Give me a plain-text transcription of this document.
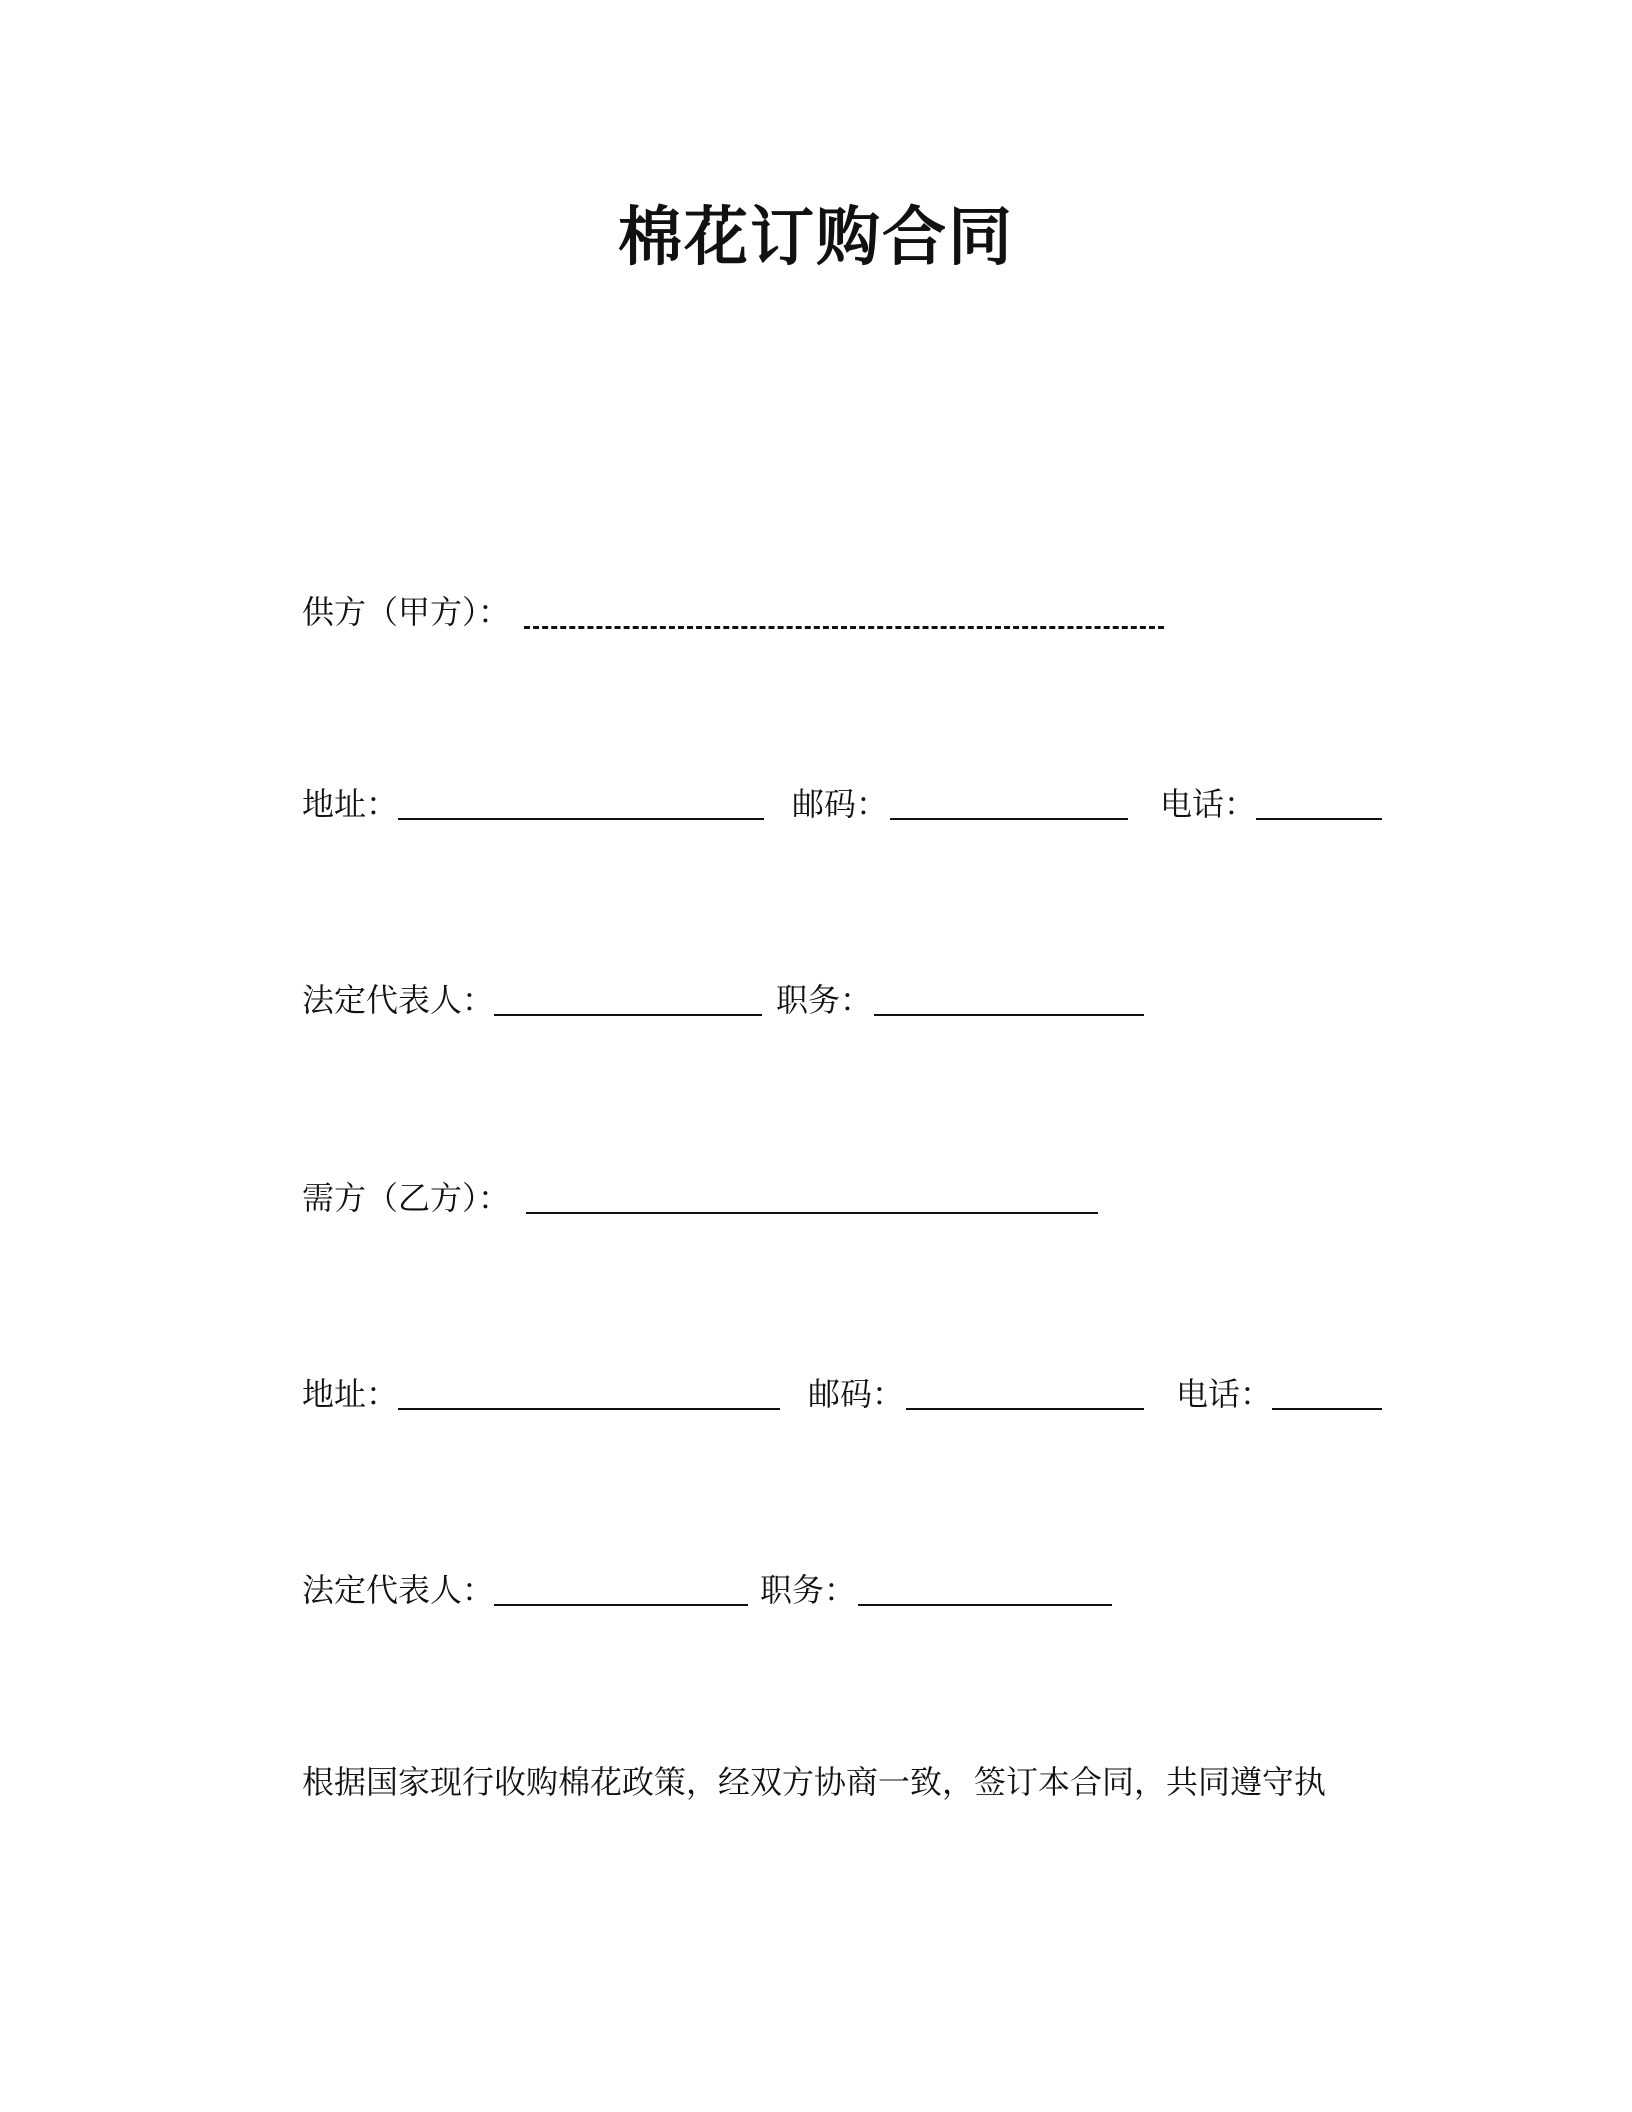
棉花订购合同
供方（甲方）：
地址：	邮码：	电话：
法定代表人：	职务：
需方（乙方）：
地址：	邮码：	电话：
法定代表人：	职务：
根据国家现行收购棉花政策，经双方协商一致，签订本合同，共同遵守执
